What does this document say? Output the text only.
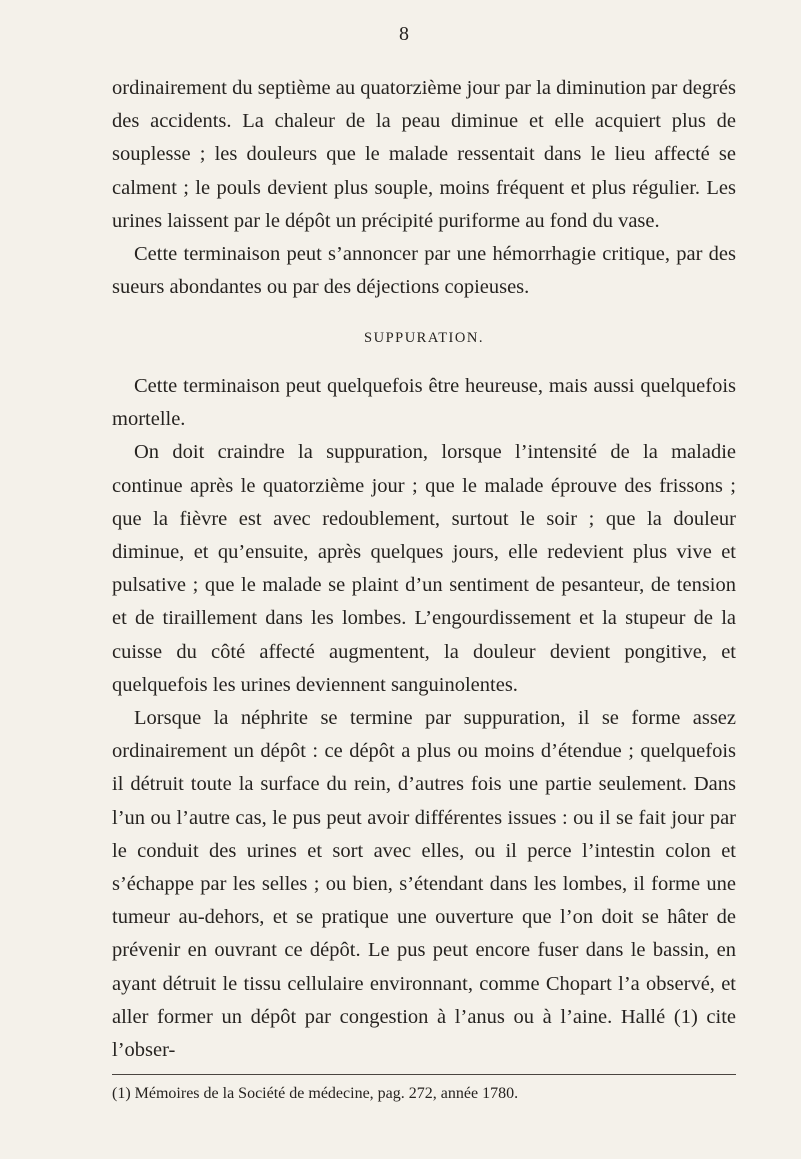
8

ordinairement du septième au quatorzième jour par la diminution par degrés des accidents. La chaleur de la peau diminue et elle acquiert plus de souplesse ; les douleurs que le malade ressentait dans le lieu affecté se calment ; le pouls devient plus souple, moins fréquent et plus régulier. Les urines laissent par le dépôt un précipité puriforme au fond du vase.

Cette terminaison peut s’annoncer par une hémorrhagie critique, par des sueurs abondantes ou par des déjections copieuses.

SUPPURATION.

Cette terminaison peut quelquefois être heureuse, mais aussi quelquefois mortelle.

On doit craindre la suppuration, lorsque l’intensité de la maladie continue après le quatorzième jour ; que le malade éprouve des frissons ; que la fièvre est avec redoublement, surtout le soir ; que la douleur diminue, et qu’ensuite, après quelques jours, elle redevient plus vive et pulsative ; que le malade se plaint d’un sentiment de pesanteur, de tension et de tiraillement dans les lombes. L’engourdissement et la stupeur de la cuisse du côté affecté augmentent, la douleur devient pongitive, et quelquefois les urines deviennent sanguinolentes.

Lorsque la néphrite se termine par suppuration, il se forme assez ordinairement un dépôt : ce dépôt a plus ou moins d’étendue ; quelquefois il détruit toute la surface du rein, d’autres fois une partie seulement. Dans l’un ou l’autre cas, le pus peut avoir différentes issues : ou il se fait jour par le conduit des urines et sort avec elles, ou il perce l’intestin colon et s’échappe par les selles ; ou bien, s’étendant dans les lombes, il forme une tumeur au-dehors, et se pratique une ouverture que l’on doit se hâter de prévenir en ouvrant ce dépôt. Le pus peut encore fuser dans le bassin, en ayant détruit le tissu cellulaire environnant, comme Chopart l’a observé, et aller former un dépôt par congestion à l’anus ou à l’aine. Hallé (1) cite l’obser-

(1) Mémoires de la Société de médecine, pag. 272, année 1780.
